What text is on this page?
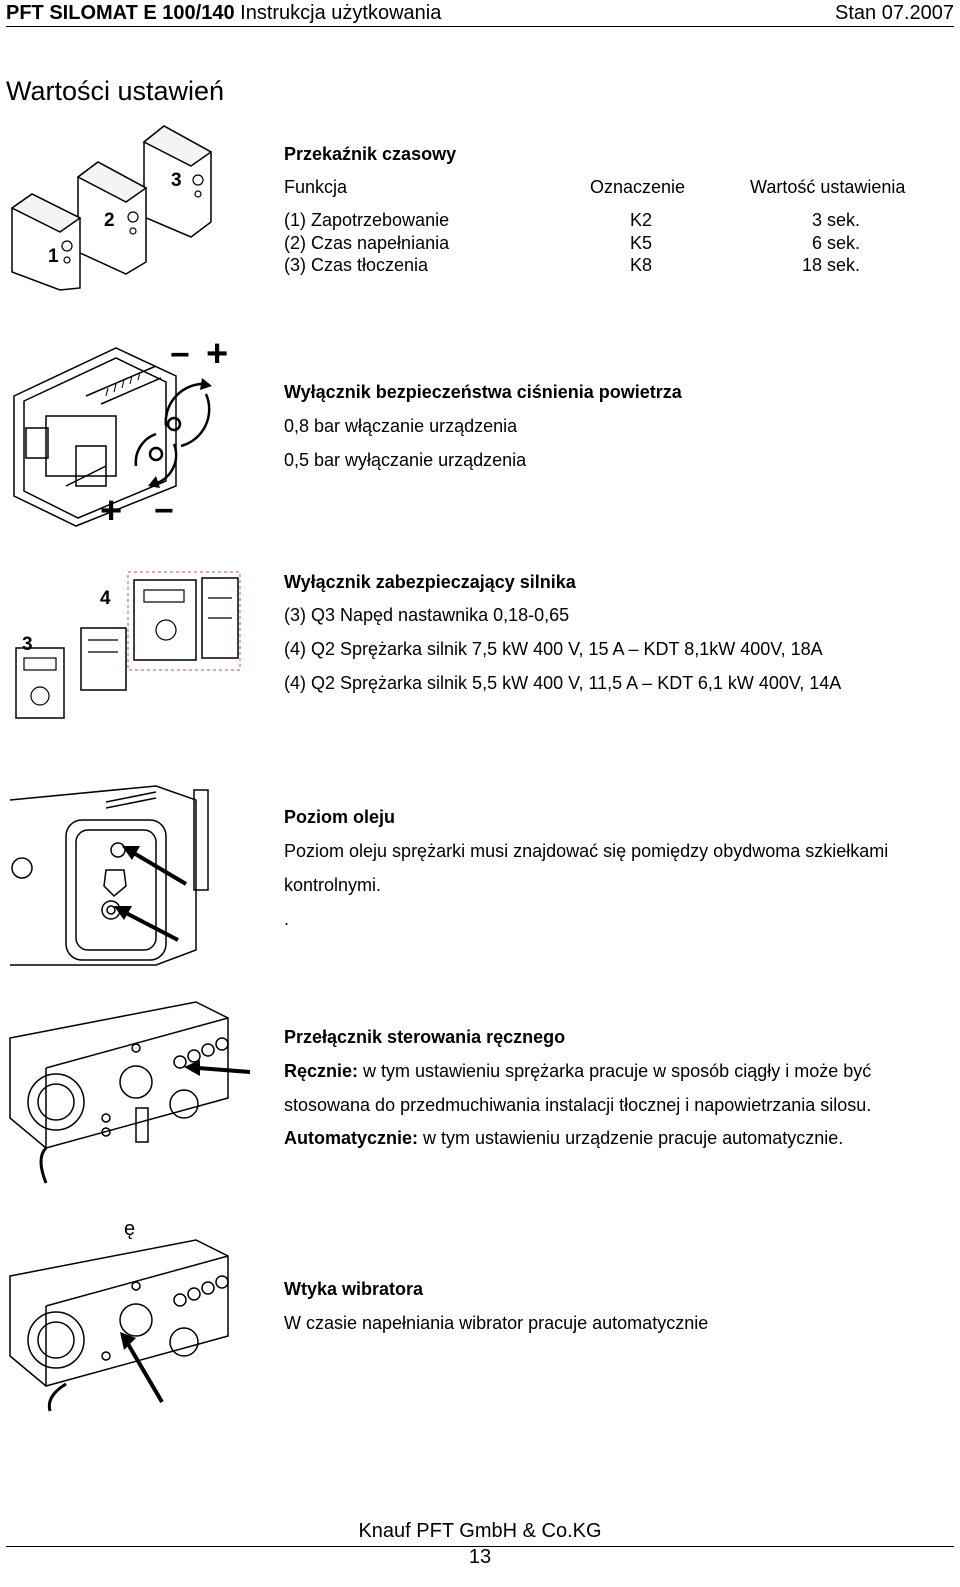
PFT SILOMAT E 100/140 Instrukcja użytkowania	Stan 07.2007
Wartości ustawień
1
2
3
Przekaźnik czasowy
Funkcja	Oznaczenie	Wartość ustawienia
(1) Zapotrzebowanie	K2	3 sek.
(2) Czas napełniania	K5	6 sek.
(3) Czas tłoczenia	K8	18 sek.
− +
+ −
Wyłącznik bezpieczeństwa ciśnienia powietrza
0,8 bar włączanie urządzenia
0,5 bar wyłączanie urządzenia
3
4
Wyłącznik zabezpieczający silnika
(3) Q3 Napęd nastawnika 0,18-0,65
(4) Q2 Sprężarka silnik 7,5 kW 400 V, 15 A – KDT 8,1kW 400V, 18A
(4) Q2 Sprężarka silnik 5,5 kW 400 V, 11,5 A – KDT 6,1 kW 400V, 14A
Poziom oleju
Poziom oleju sprężarki musi znajdować się pomiędzy obydwoma szkiełkami
kontrolnymi.
.
Przełącznik sterowania ręcznego
Ręcznie: w tym ustawieniu sprężarka pracuje w sposób ciągły i może być
stosowana do przedmuchiwania instalacji tłocznej i napowietrzania silosu.
Automatycznie: w tym ustawieniu urządzenie pracuje automatycznie.
ę
Wtyka wibratora
W czasie napełniania wibrator pracuje automatycznie
Knauf PFT GmbH & Co.KG
13
